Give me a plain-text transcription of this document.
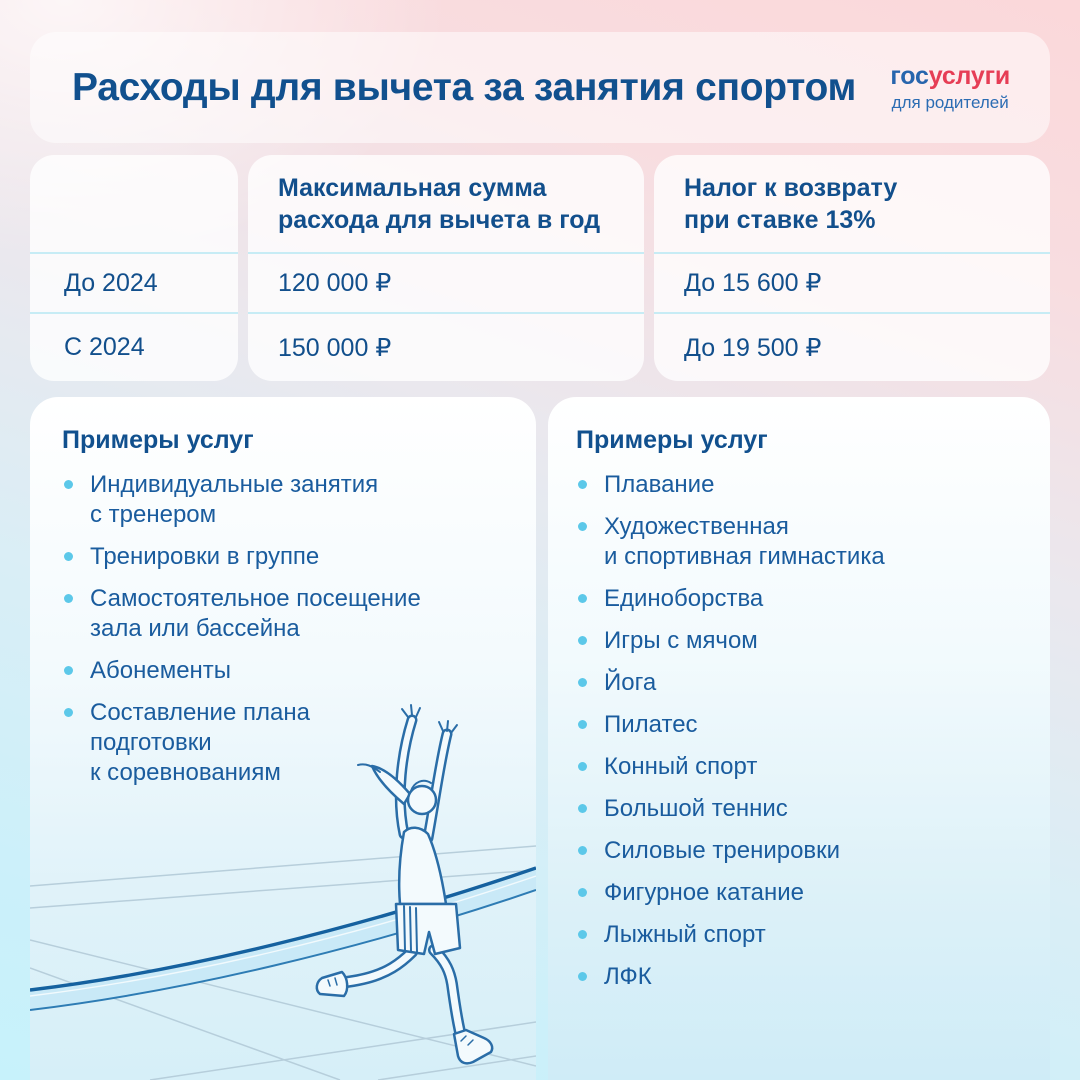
Расходы для вычета за занятия спортом госуслуги
для родителей
До 2024
С 2024
Максимальная сумма
расхода для вычета в год
120 000 ₽
150 000 ₽
Налог к возврату
при ставке 13%
До 15 600 ₽
До 19 500 ₽
Примеры услуг
Индивидуальные занятия
с тренером
Тренировки в группе
Самостоятельное посещение
зала или бассейна
Абонементы
Составление плана
подготовки
к соревнованиям
Примеры услуг
Плавание
Художественная
и спортивная гимнастика
Единоборства
Игры с мячом
Йога
Пилатес
Конный спорт
Большой теннис
Силовые тренировки
Фигурное катание
Лыжный спорт
ЛФК
